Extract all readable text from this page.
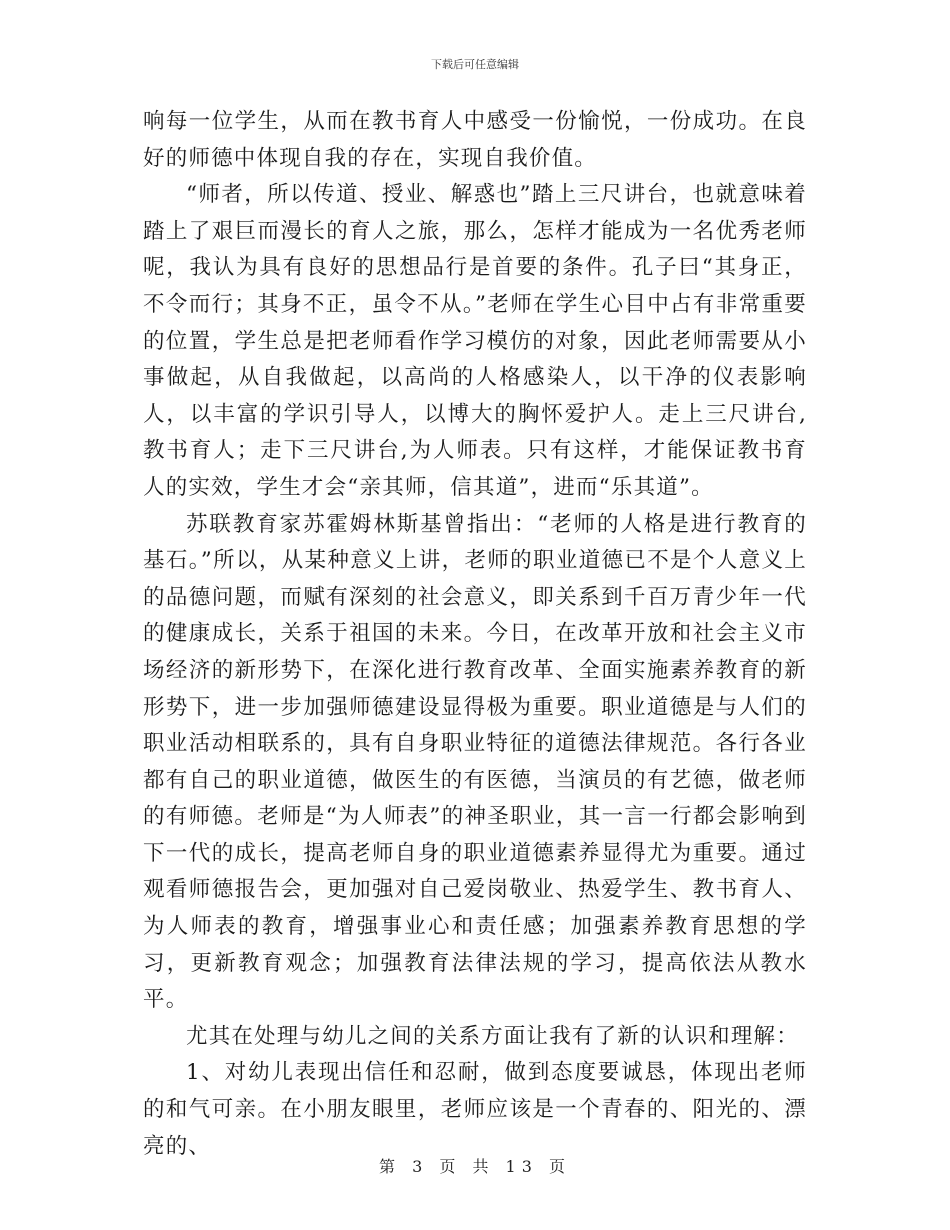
下载后可任意编辑

响每一位学生，从而在教书育人中感受一份愉悦，一份成功。在良好的师德中体现自我的存在，实现自我价值。

“师者，所以传道、授业、解惑也”踏上三尺讲台，也就意味着踏上了艰巨而漫长的育人之旅，那么，怎样才能成为一名优秀老师呢，我认为具有良好的思想品行是首要的条件。孔子曰“其身正，不令而行；其身不正，虽令不从。”老师在学生心目中占有非常重要的位置，学生总是把老师看作学习模仿的对象，因此老师需要从小事做起，从自我做起，以高尚的人格感染人，以干净的仪表影响人，以丰富的学识引导人，以博大的胸怀爱护人。走上三尺讲台,教书育人；走下三尺讲台,为人师表。只有这样，才能保证教书育人的实效，学生才会“亲其师，信其道”，进而“乐其道”。

苏联教育家苏霍姆林斯基曾指出：“老师的人格是进行教育的基石。”所以，从某种意义上讲，老师的职业道德已不是个人意义上的品德问题，而赋有深刻的社会意义，即关系到千百万青少年一代的健康成长，关系于祖国的未来。今日，在改革开放和社会主义市场经济的新形势下，在深化进行教育改革、全面实施素养教育的新形势下，进一步加强师德建设显得极为重要。职业道德是与人们的职业活动相联系的，具有自身职业特征的道德法律规范。各行各业都有自己的职业道德，做医生的有医德，当演员的有艺德，做老师的有师德。老师是“为人师表”的神圣职业，其一言一行都会影响到下一代的成长，提高老师自身的职业道德素养显得尤为重要。通过观看师德报告会，更加强对自己爱岗敬业、热爱学生、教书育人、为人师表的教育，增强事业心和责任感；加强素养教育思想的学习，更新教育观念；加强教育法律法规的学习，提高依法从教水平。

尤其在处理与幼儿之间的关系方面让我有了新的认识和理解：

1、对幼儿表现出信任和忍耐，做到态度要诚恳，体现出老师的和气可亲。在小朋友眼里，老师应该是一个青春的、阳光的、漂亮的、

第 3 页 共 13 页
